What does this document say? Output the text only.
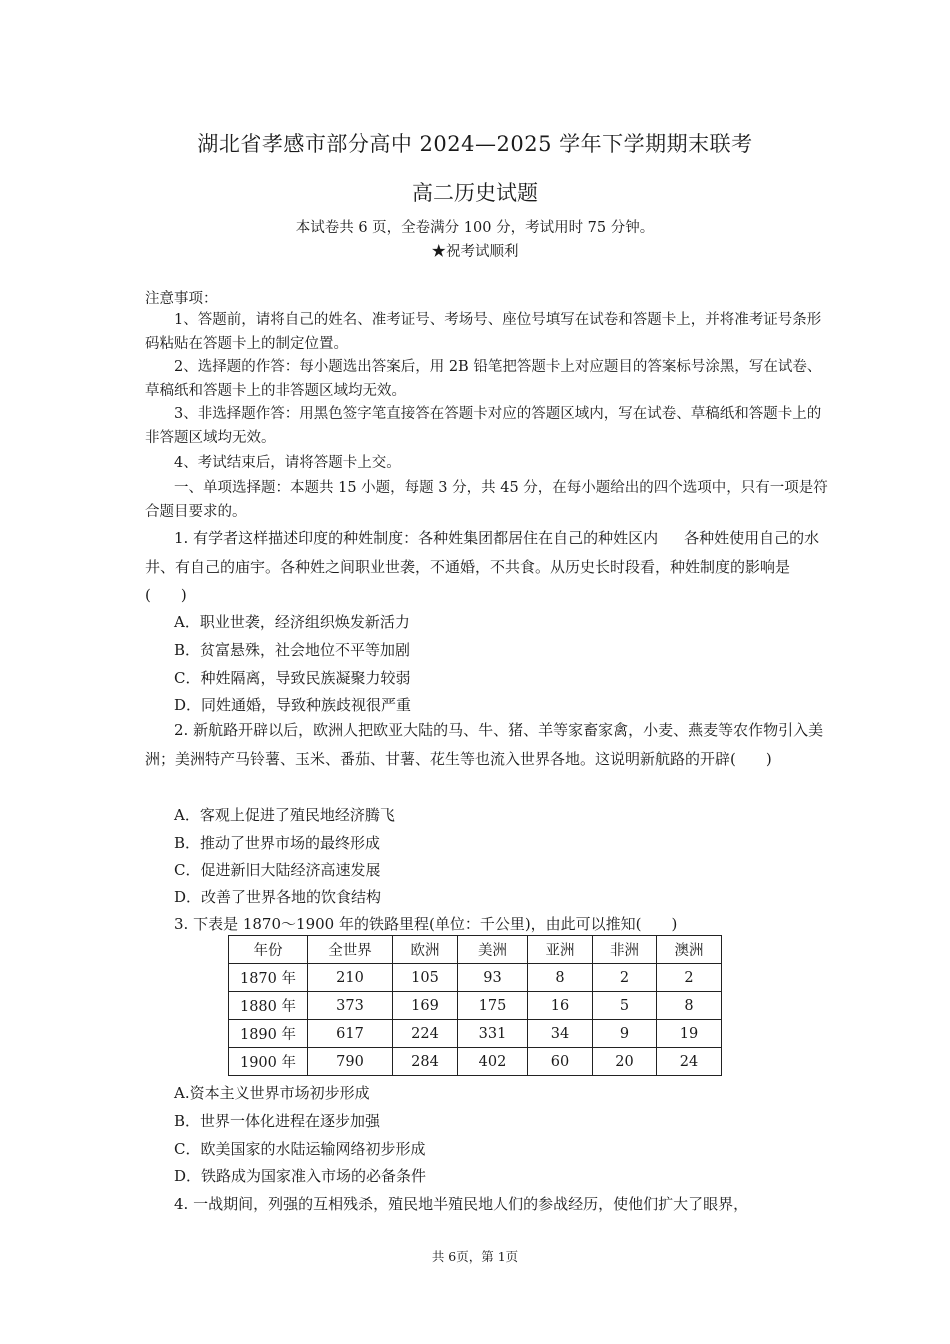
湖北省孝感市部分高中 2024—2025 学年下学期期末联考
高二历史试题
本试卷共 6 页，全卷满分 100 分，考试用时 75 分钟。
★祝考试顺利
注意事项：
1、答题前，请将自己的姓名、准考证号、考场号、座位号填写在试卷和答题卡上，并将准考证号条形码粘贴在答题卡上的制定位置。
2、选择题的作答：每小题选出答案后，用 2B 铅笔把答题卡上对应题目的答案标号涂黑，写在试卷、草稿纸和答题卡上的非答题区域均无效。
3、非选择题作答：用黑色签字笔直接答在答题卡对应的答题区域内，写在试卷、草稿纸和答题卡上的非答题区域均无效。
4、考试结束后，请将答题卡上交。
一、单项选择题：本题共 15 小题，每题 3 分，共 45 分，在每小题给出的四个选项中，只有一项是符合题目要求的。
1. 有学者这样描述印度的种姓制度：各种姓集团都居住在自己的种姓区内 各种姓使用自己的水井、有自己的庙宇。各种姓之间职业世袭，不通婚，不共食。从历史长时段看，种姓制度的影响是(　　)
A．职业世袭，经济组织焕发新活力
B．贫富悬殊，社会地位不平等加剧
C．种姓隔离，导致民族凝聚力较弱
D．同姓通婚，导致种族歧视很严重
2. 新航路开辟以后，欧洲人把欧亚大陆的马、牛、猪、羊等家畜家禽，小麦、燕麦等农作物引入美洲；美洲特产马铃薯、玉米、番茄、甘薯、花生等也流入世界各地。这说明新航路的开辟(　　)
A．客观上促进了殖民地经济腾飞
B．推动了世界市场的最终形成
C．促进新旧大陆经济高速发展
D．改善了世界各地的饮食结构
3. 下表是 1870～1900 年的铁路里程(单位：千公里)，由此可以推知(　　)
年份	全世界	欧洲	美洲	亚洲	非洲	澳洲
1870 年	210	105	93	8	2	2
1880 年	373	169	175	16	5	8
1890 年	617	224	331	34	9	19
1900 年	790	284	402	60	20	24
A.资本主义世界市场初步形成
B．世界一体化进程在逐步加强
C．欧美国家的水陆运输网络初步形成
D．铁路成为国家准入市场的必备条件
4. 一战期间，列强的互相残杀，殖民地半殖民地人们的参战经历，使他们扩大了眼界，
共 6页，第 1页
